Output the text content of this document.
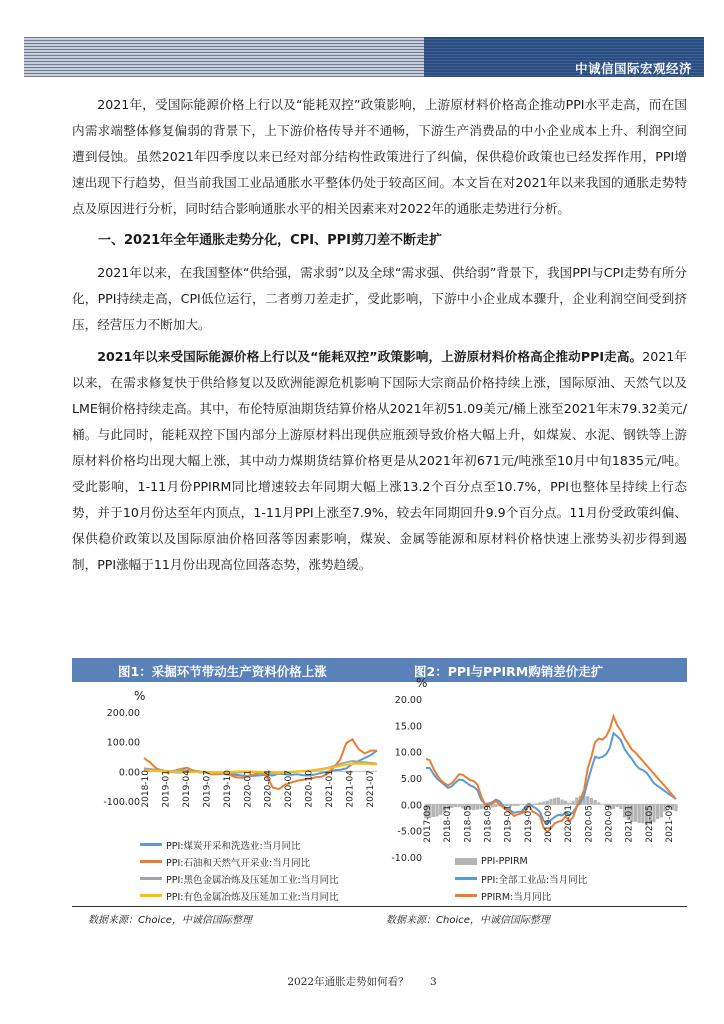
中诚信国际宏观经济

2021年，受国际能源价格上行以及“能耗双控”政策影响，上游原材料价格高企推动PPI水平走高，而在国内需求端整体修复偏弱的背景下，上下游价格传导并不通畅，下游生产消费品的中小企业成本上升、利润空间遭到侵蚀。虽然2021年四季度以来已经对部分结构性政策进行了纠偏，保供稳价政策也已经发挥作用，PPI增速出现下行趋势，但当前我国工业品通胀水平整体仍处于较高区间。本文旨在对2021年以来我国的通胀走势特点及原因进行分析，同时结合影响通胀水平的相关因素来对2022年的通胀走势进行分析。

一、2021年全年通胀走势分化，CPI、PPI剪刀差不断走扩

2021年以来，在我国整体“供给强，需求弱”以及全球“需求强、供给弱”背景下，我国PPI与CPI走势有所分化，PPI持续走高，CPI低位运行，二者剪刀差走扩，受此影响，下游中小企业成本骤升，企业利润空间受到挤压，经营压力不断加大。

2021年以来受国际能源价格上行以及“能耗双控”政策影响，上游原材料价格高企推动PPI走高。2021年以来，在需求修复快于供给修复以及欧洲能源危机影响下国际大宗商品价格持续上涨，国际原油、天然气以及LME铜价格持续走高。其中，布伦特原油期货结算价格从2021年初51.09美元/桶上涨至2021年末79.32美元/桶。与此同时，能耗双控下国内部分上游原材料出现供应瓶颈导致价格大幅上升，如煤炭、水泥、钢铁等上游原材料价格均出现大幅上涨，其中动力煤期货结算价格更是从2021年初671元/吨涨至10月中旬1835元/吨。受此影响，1-11月份PPIRM同比增速较去年同期大幅上涨13.2个百分点至10.7%，PPI也整体呈持续上行态势，并于10月份达至年内顶点，1-11月PPI上涨至7.9%，较去年同期回升9.9个百分点。11月份受政策纠偏、保供稳价政策以及国际原油价格回落等因素影响，煤炭、金属等能源和原材料价格快速上涨势头初步得到遏制，PPI涨幅于11月份出现高位回落态势，涨势趋缓。

图1：采掘环节带动生产资料价格上涨	图2：PPI与PPIRM购销差价走扩
%
200.00
100.00
0.00
-100.00 2018-10 2019-01 2019-04 2019-07 2019-10 2020-01 2020-04 2020-07 2020-10 2021-01 2021-04 2021-07
PPI:煤炭开采和洗选业:当月同比
PPI:石油和天然气开采业:当月同比
PPI:黑色金属冶炼及压延加工业:当月同比
PPI:有色金属冶炼及压延加工业:当月同比
%
20.00
15.00
10.00
5.00
0.00
-5.00
-10.00
2017-09 2018-01 2018-05 2018-09 2019-01 2019-05 2019-09 2020-01 2020-05 2020-09 2021-01 2021-05 2021-09
PPI-PPIRM
PPI:全部工业品:当月同比
PPIRM:当月同比
数据来源：Choice，中诚信国际整理	数据来源：Choice，中诚信国际整理
2022年通胀走势如何看？ 3
